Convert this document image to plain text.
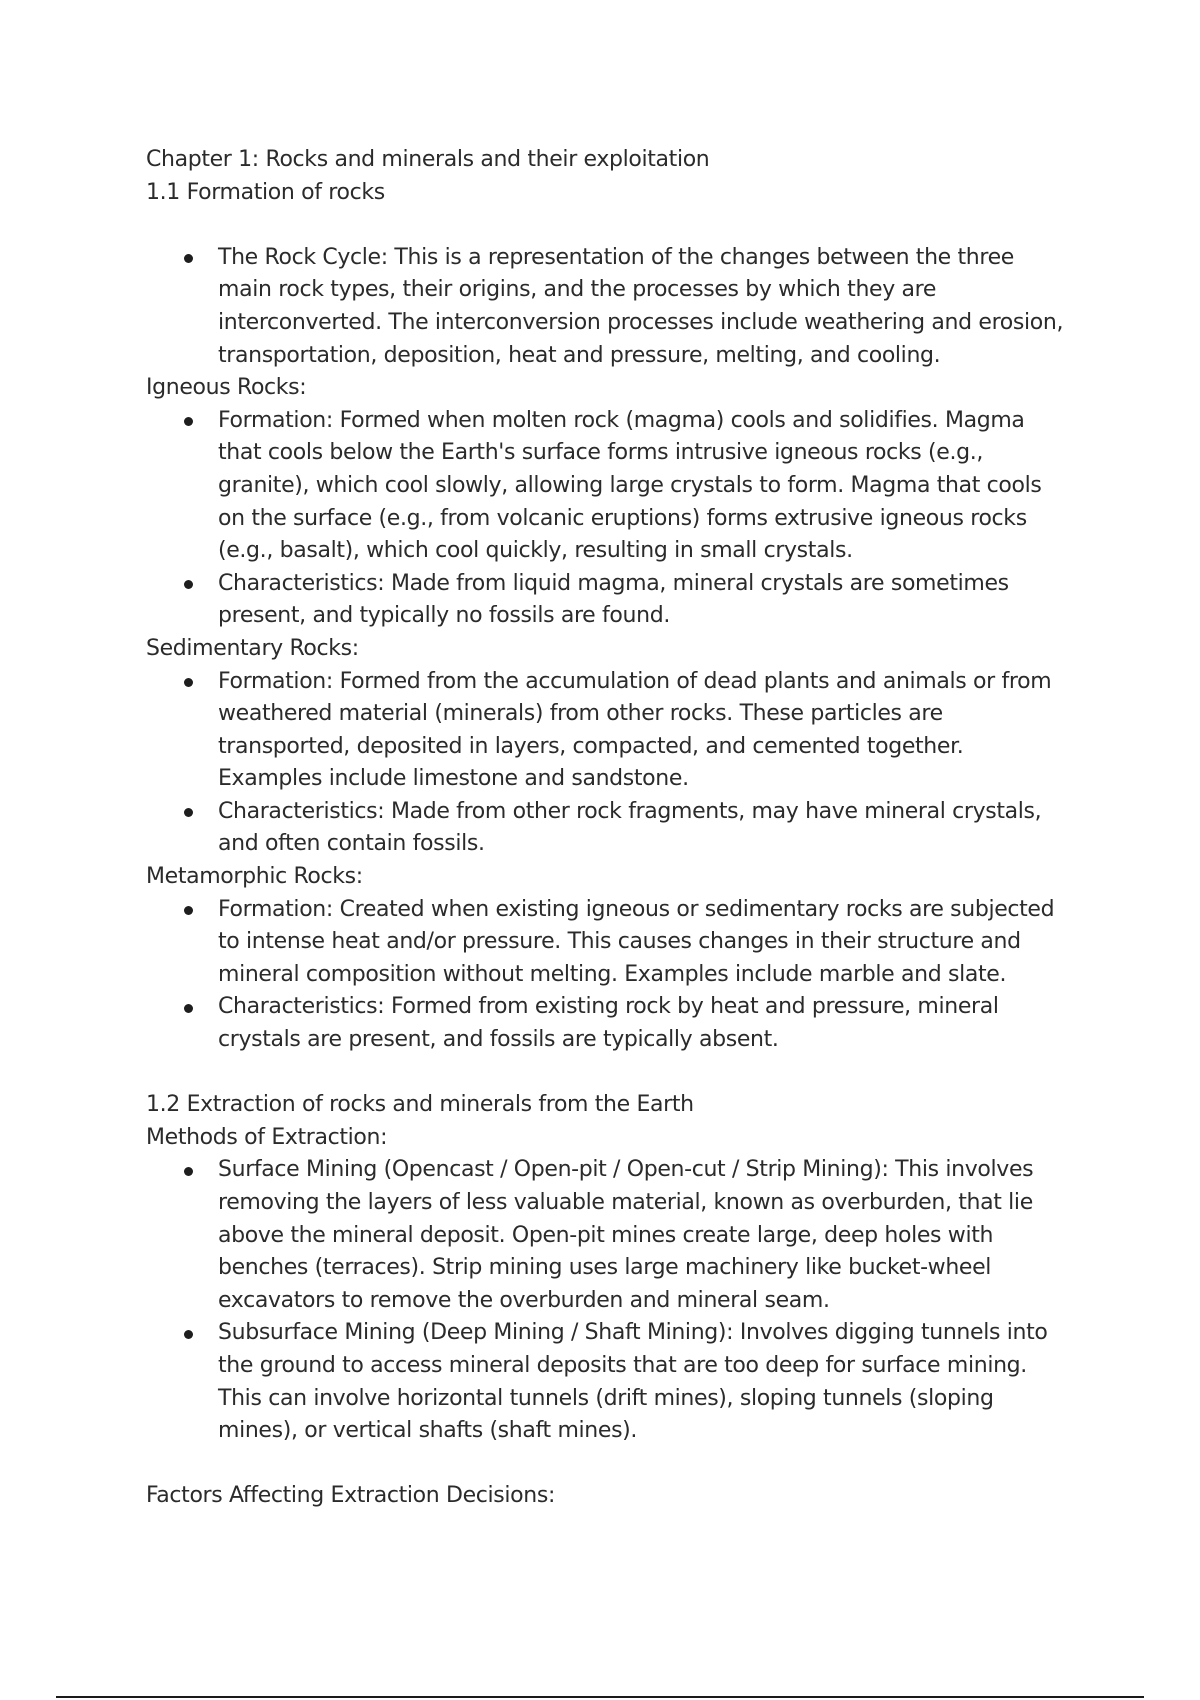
Chapter 1: Rocks and minerals and their exploitation

1.1 Formation of rocks

The Rock Cycle: This is a representation of the changes between the three main rock types, their origins, and the processes by which they are interconverted. The interconversion processes include weathering and erosion, transportation, deposition, heat and pressure, melting, and cooling.

Igneous Rocks:

Formation: Formed when molten rock (magma) cools and solidifies. Magma that cools below the Earth's surface forms intrusive igneous rocks (e.g., granite), which cool slowly, allowing large crystals to form. Magma that cools on the surface (e.g., from volcanic eruptions) forms extrusive igneous rocks (e.g., basalt), which cool quickly, resulting in small crystals.
Characteristics: Made from liquid magma, mineral crystals are sometimes present, and typically no fossils are found.

Sedimentary Rocks:

Formation: Formed from the accumulation of dead plants and animals or from weathered material (minerals) from other rocks. These particles are transported, deposited in layers, compacted, and cemented together. Examples include limestone and sandstone.
Characteristics: Made from other rock fragments, may have mineral crystals, and often contain fossils.

Metamorphic Rocks:

Formation: Created when existing igneous or sedimentary rocks are subjected to intense heat and/or pressure. This causes changes in their structure and mineral composition without melting. Examples include marble and slate.
Characteristics: Formed from existing rock by heat and pressure, mineral crystals are present, and fossils are typically absent.

1.2 Extraction of rocks and minerals from the Earth

Methods of Extraction:

Surface Mining (Opencast / Open-pit / Open-cut / Strip Mining): This involves removing the layers of less valuable material, known as overburden, that lie above the mineral deposit. Open-pit mines create large, deep holes with benches (terraces). Strip mining uses large machinery like bucket-wheel excavators to remove the overburden and mineral seam.
Subsurface Mining (Deep Mining / Shaft Mining): Involves digging tunnels into the ground to access mineral deposits that are too deep for surface mining. This can involve horizontal tunnels (drift mines), sloping tunnels (sloping mines), or vertical shafts (shaft mines).

Factors Affecting Extraction Decisions:
